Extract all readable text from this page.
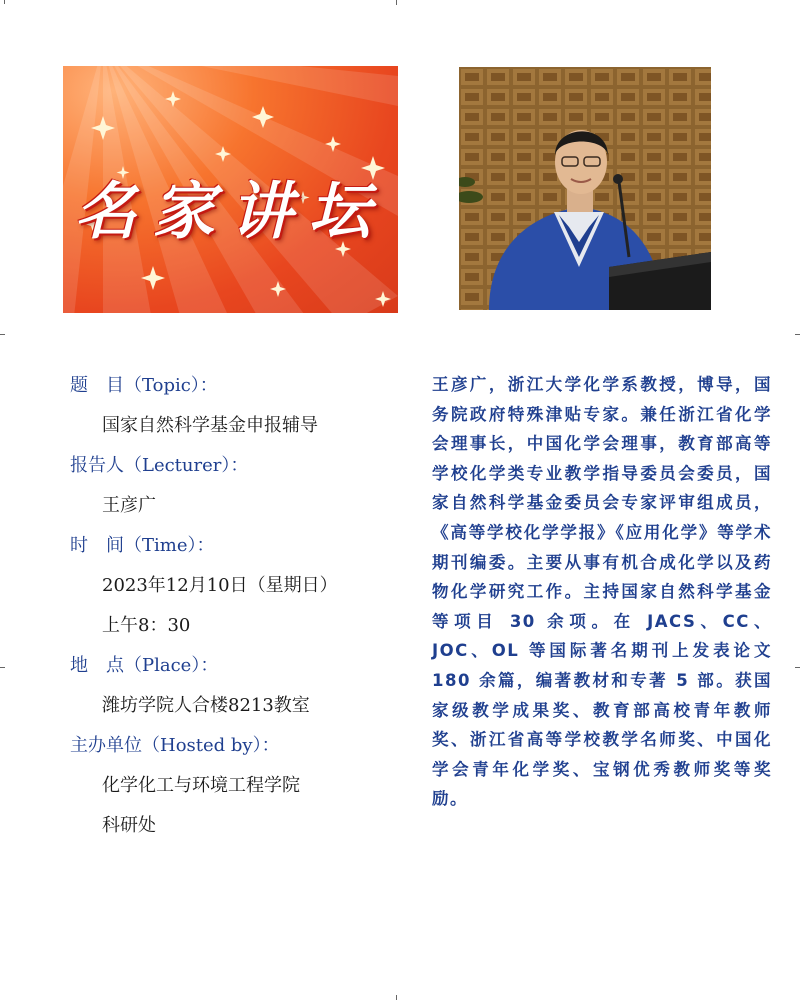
名家讲坛
题　目（Topic）：
国家自然科学基金申报辅导
报告人（Lecturer）：
王彦广
时　间（Time）：
2023年12月10日（星期日）
上午8：30
地　点（Place）：
潍坊学院人合楼8213教室
主办单位（Hosted by）：
化学化工与环境工程学院
科研处
王彦广，浙江大学化学系教授，博导，国务院政府特殊津贴专家。兼任浙江省化学会理事长，中国化学会理事，教育部高等学校化学类专业教学指导委员会委员，国家自然科学基金委员会专家评审组成员，《高等学校化学学报》《应用化学》等学术期刊编委。主要从事有机合成化学以及药物化学研究工作。主持国家自然科学基金等项目 30 余项。在 JACS、CC、JOC、OL 等国际著名期刊上发表论文 180 余篇，编著教材和专著 5 部。获国家级教学成果奖、教育部高校青年教师奖、浙江省高等学校教学名师奖、中国化学会青年化学奖、宝钢优秀教师奖等奖励。
